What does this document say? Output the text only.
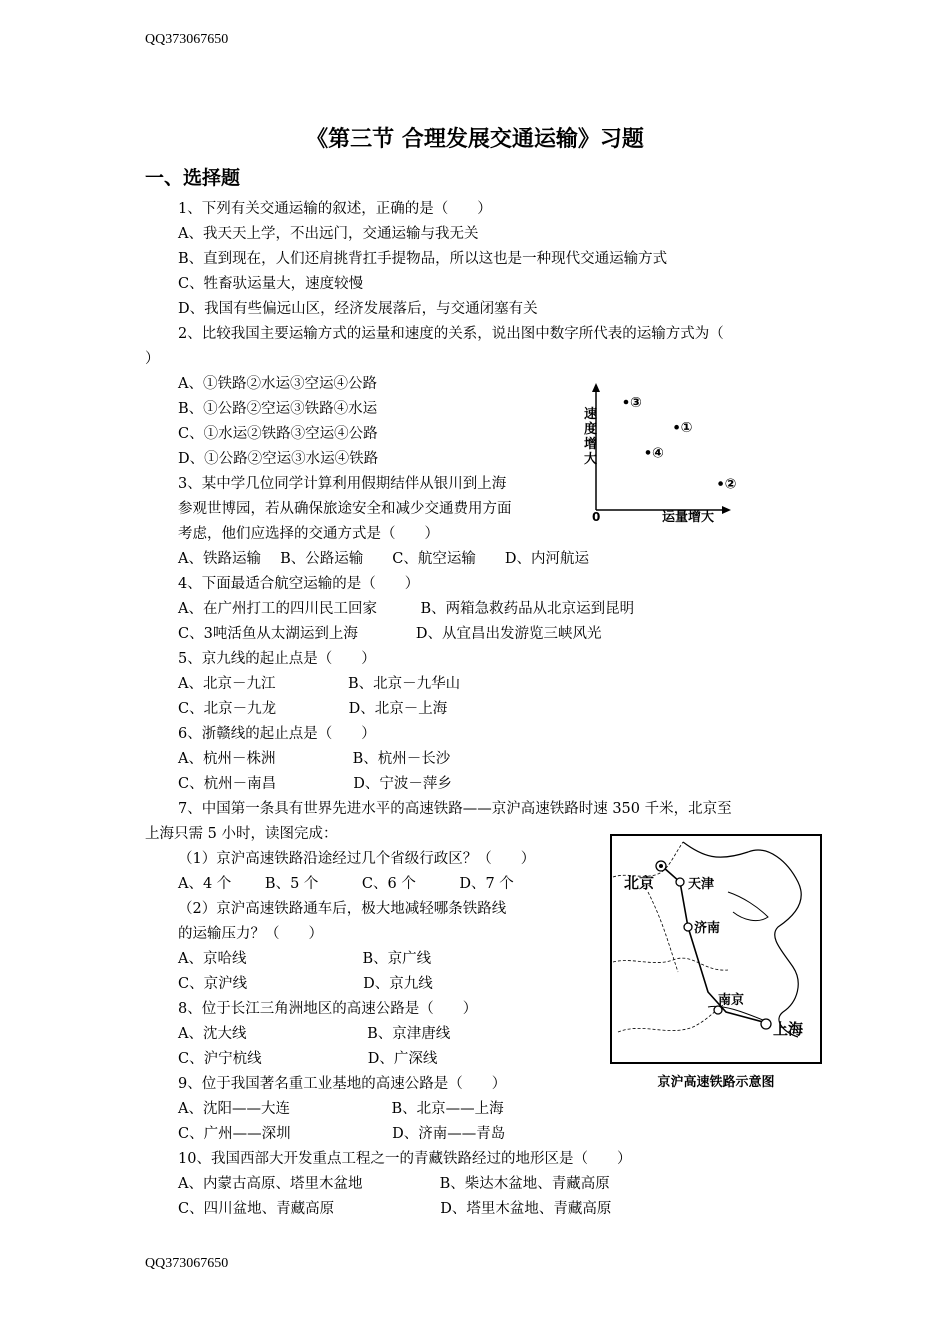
QQ373067650
《第三节 合理发展交通运输》习题
一、选择题
1、下列有关交通运输的叙述，正确的是（　　）
A、我天天上学，不出远门，交通运输与我无关
B、直到现在，人们还肩挑背扛手提物品，所以这也是一种现代交通运输方式
C、牲畜驮运量大，速度较慢
D、我国有些偏远山区，经济发展落后，与交通闭塞有关
2、比较我国主要运输方式的运量和速度的关系，说出图中数字所代表的运输方式为（
）
A、①铁路②水运③空运④公路
B、①公路②空运③铁路④水运
C、①水运②铁路③空运④公路
D、①公路②空运③水运④铁路
3、某中学几位同学计算利用假期结伴从银川到上海
参观世博园，若从确保旅途安全和减少交通费用方面
考虑，他们应选择的交通方式是（　　）
A、铁路运输　 B、公路运输　　C、航空运输　　D、内河航运
4、下面最适合航空运输的是（　　）
A、在广州打工的四川民工回家　　　B、两箱急救药品从北京运到昆明
C、3吨活鱼从太湖运到上海　　　　D、从宜昌出发游览三峡风光
5、京九线的起止点是（　　）
A、北京－九江　　　　　B、北京－九华山
C、北京－九龙　　　　　D、北京－上海
6、浙赣线的起止点是（　　）
A、杭州－株洲　　　　　 B、杭州－长沙
C、杭州－南昌　　　　　 D、宁波－萍乡
7、中国第一条具有世界先进水平的高速铁路——京沪高速铁路时速 350 千米，北京至
上海只需 5 小时，读图完成：
（1）京沪高速铁路沿途经过几个省级行政区？（　　）
A、4 个　　 B、5 个　　　C、6 个　　　D、7 个
（2）京沪高速铁路通车后，极大地减轻哪条铁路线
的运输压力？（　　）
A、京哈线　　　　　　　　B、京广线
C、京沪线　　　　　　　　D、京九线
8、位于长江三角洲地区的高速公路是（　　）
A、沈大线　　　　　　　　 B、京津唐线
C、沪宁杭线　　　　　　　 D、广深线
9、位于我国著名重工业基地的高速公路是（　　）
A、沈阳——大连　　　　　　　B、北京——上海
C、广州——深圳　　　　　　　D、济南——青岛
10、我国西部大开发重点工程之一的青藏铁路经过的地形区是（　　）
A、内蒙古高原、塔里木盆地　　　　　 B、柴达木盆地、青藏高原
C、四川盆地、青藏高原　　　　　　　 D、塔里木盆地、青藏高原
速度增大
运量增大
0
③
①
④
②
北京	天津
济南
南京
上海
京沪高速铁路示意图
QQ373067650
